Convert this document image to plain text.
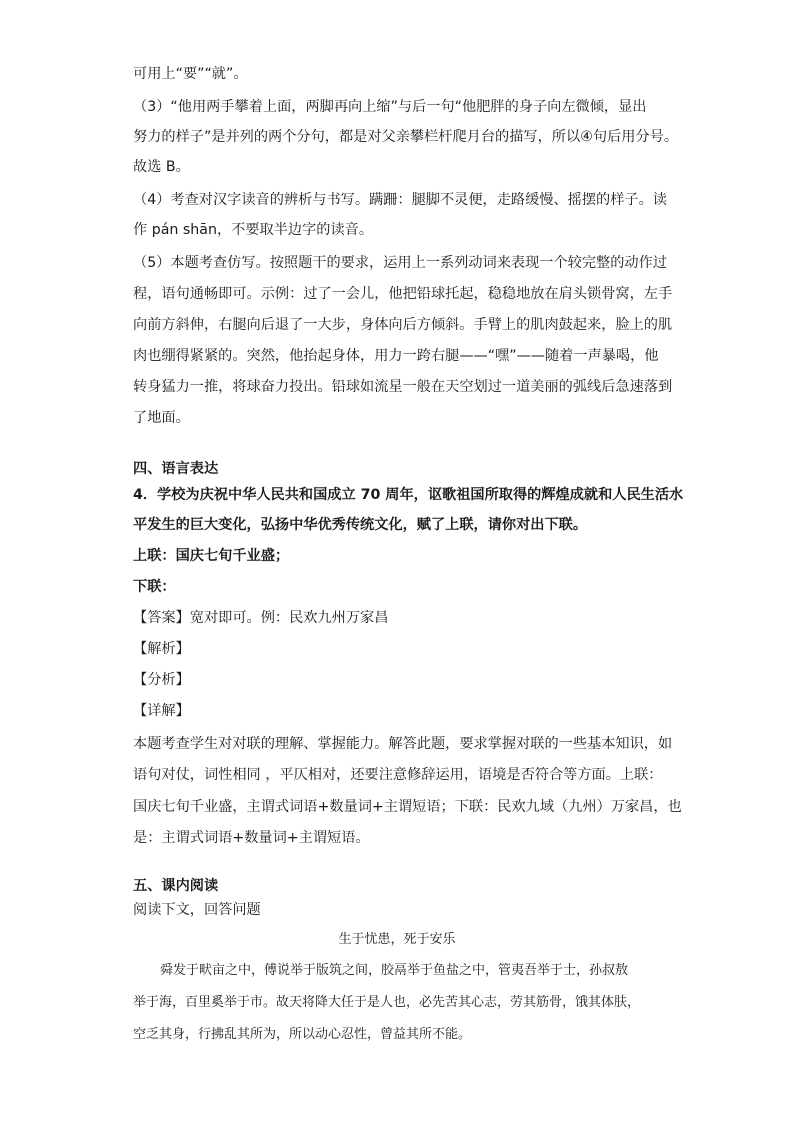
可用上“要”“就”。
（3）“他用两手攀着上面，两脚再向上缩”与后一句“他肥胖的身子向左微倾，显出
努力的样子”是并列的两个分句，都是对父亲攀栏杆爬月台的描写，所以④句后用分号。
故选 B。
（4）考查对汉字读音的辨析与书写。蹒跚：腿脚不灵便，走路缓慢、摇摆的样子。读
作 pán shān，不要取半边字的读音。
（5）本题考查仿写。按照题干的要求，运用上一系列动词来表现一个较完整的动作过
程，语句通畅即可。示例：过了一会儿，他把铅球托起，稳稳地放在肩头锁骨窝，左手
向前方斜伸，右腿向后退了一大步，身体向后方倾斜。手臂上的肌肉鼓起来，脸上的肌
肉也绷得紧紧的。突然，他抬起身体，用力一跨右腿——“嘿”——随着一声暴喝，他
转身猛力一推，将球奋力投出。铅球如流星一般在天空划过一道美丽的弧线后急速落到
了地面。
四、语言表达
4．学校为庆祝中华人民共和国成立 70 周年，讴歌祖国所取得的辉煌成就和人民生活水
平发生的巨大变化，弘扬中华优秀传统文化，赋了上联，请你对出下联。
上联：国庆七旬千业盛；
下联：
【答案】宽对即可。例：民欢九州万家昌
【解析】
【分析】
【详解】
本题考查学生对对联的理解、掌握能力。解答此题，要求掌握对联的一些基本知识，如
语句对仗，词性相同 ，平仄相对，还要注意修辞运用，语境是否符合等方面。上联：
国庆七旬千业盛，主谓式词语+数量词+主谓短语；下联：民欢九域（九州）万家昌，也
是：主谓式词语+数量词+主谓短语。
五、课内阅读
阅读下文，回答问题
生于忧患，死于安乐
舜发于畎亩之中，傅说举于版筑之间，胶鬲举于鱼盐之中，管夷吾举于士，孙叔敖
举于海，百里奚举于市。故天将降大任于是人也，必先苦其心志，劳其筋骨，饿其体肤，
空乏其身，行拂乱其所为，所以动心忍性，曾益其所不能。
